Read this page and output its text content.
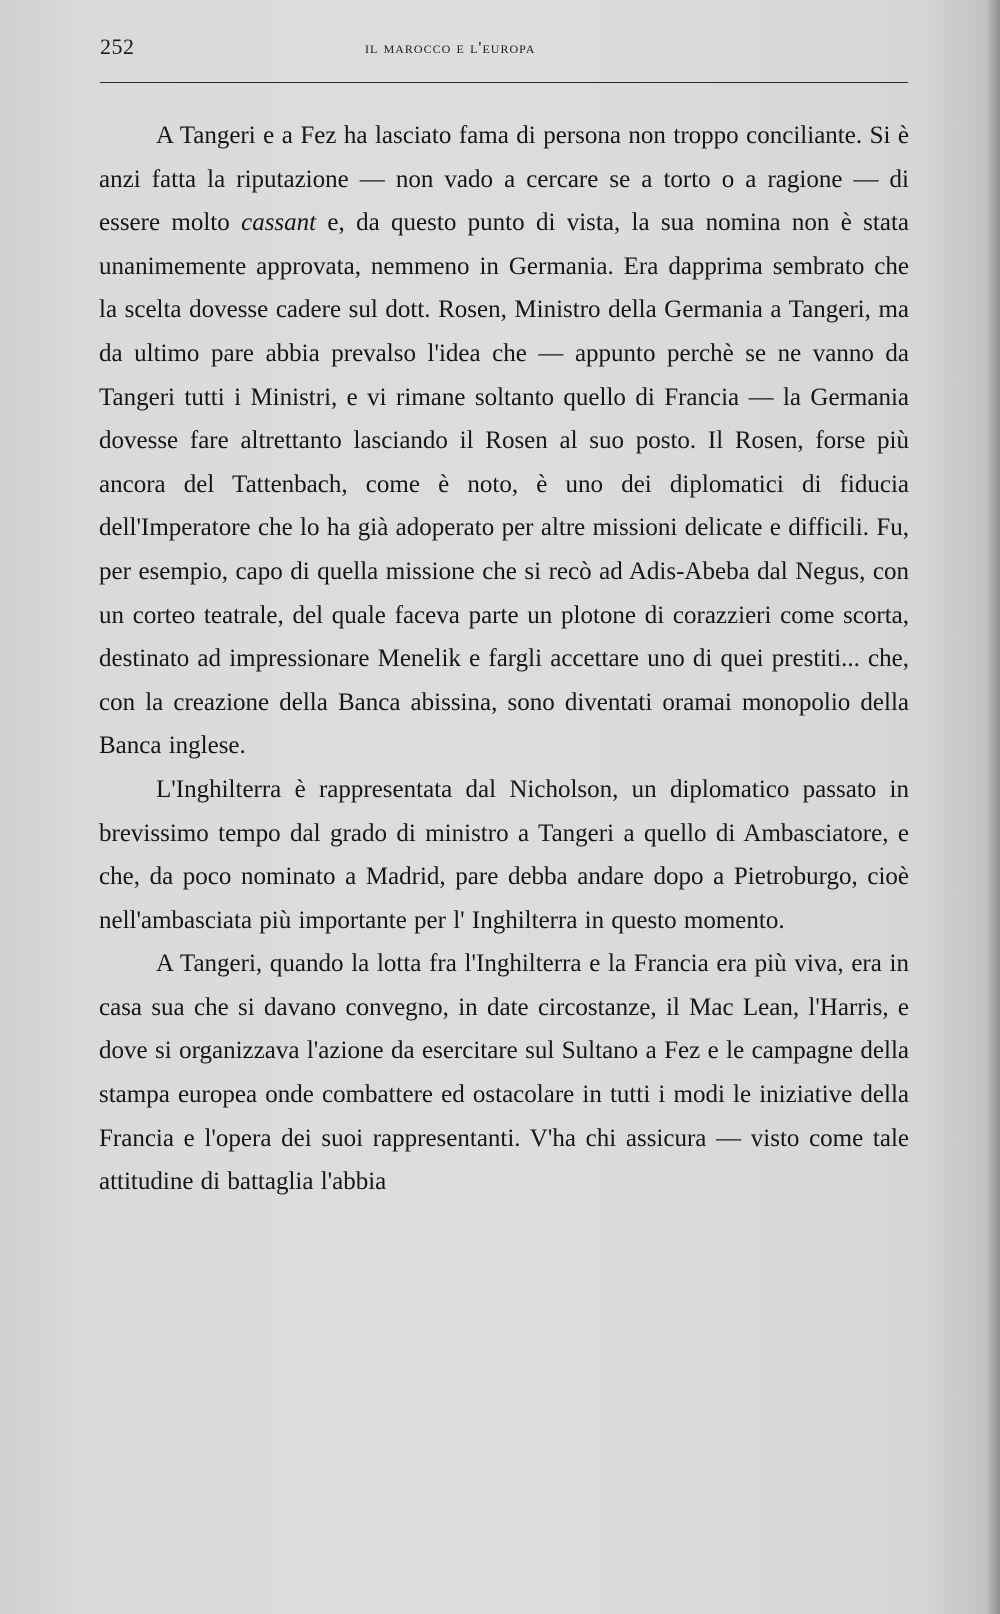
252	il marocco e l'europa

A Tangeri e a Fez ha lasciato fama di persona non troppo conciliante. Si è anzi fatta la riputazione — non vado a cercare se a torto o a ragione — di essere molto cassant e, da questo punto di vista, la sua nomina non è stata unanimemente approvata, nemmeno in Germania. Era dapprima sembrato che la scelta dovesse cadere sul dott. Rosen, Ministro della Germania a Tangeri, ma da ultimo pare abbia prevalso l'idea che — appunto perchè se ne vanno da Tangeri tutti i Ministri, e vi rimane soltanto quello di Francia — la Germania dovesse fare altrettanto lasciando il Rosen al suo posto. Il Rosen, forse più ancora del Tattenbach, come è noto, è uno dei diplomatici di fiducia dell'Imperatore che lo ha già adoperato per altre missioni delicate e difficili. Fu, per esempio, capo di quella missione che si recò ad Adis-Abeba dal Negus, con un corteo teatrale, del quale faceva parte un plotone di corazzieri come scorta, destinato ad impressionare Menelik e fargli accettare uno di quei prestiti... che, con la creazione della Banca abissina, sono diventati oramai monopolio della Banca inglese.

L'Inghilterra è rappresentata dal Nicholson, un diplomatico passato in brevissimo tempo dal grado di ministro a Tangeri a quello di Ambasciatore, e che, da poco nominato a Madrid, pare debba andare dopo a Pietroburgo, cioè nell'ambasciata più importante per l' Inghilterra in questo momento.

A Tangeri, quando la lotta fra l'Inghilterra e la Francia era più viva, era in casa sua che si davano convegno, in date circostanze, il Mac Lean, l'Harris, e dove si organizzava l'azione da esercitare sul Sultano a Fez e le campagne della stampa europea onde combattere ed ostacolare in tutti i modi le iniziative della Francia e l'opera dei suoi rappresentanti. V'ha chi assicura — visto come tale attitudine di battaglia l'abbia
